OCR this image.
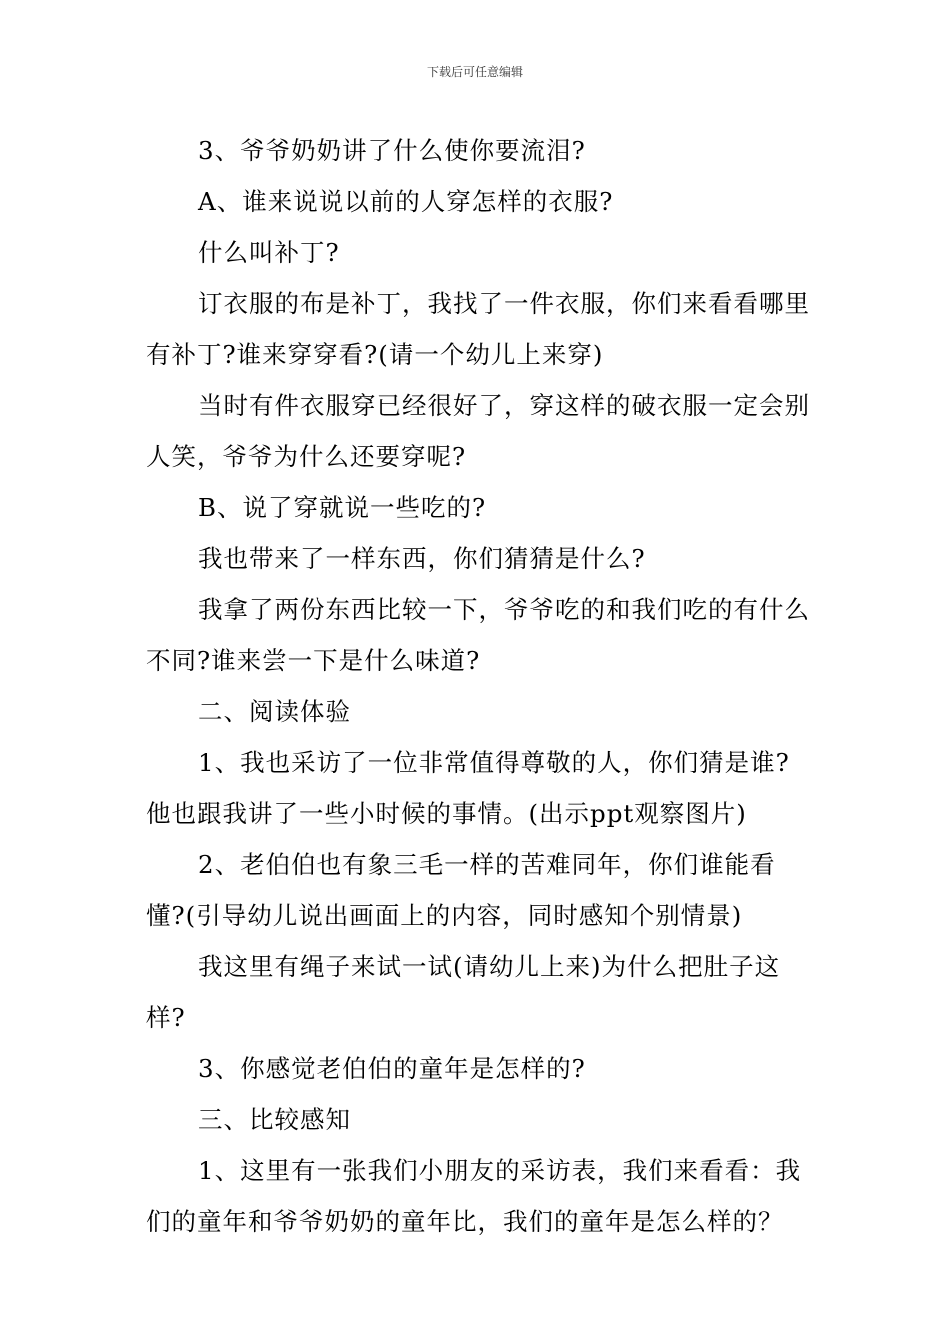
下载后可任意编辑

3、爷爷奶奶讲了什么使你要流泪?

A、谁来说说以前的人穿怎样的衣服?

什么叫补丁?

订衣服的布是补丁，我找了一件衣服，你们来看看哪里有补丁?谁来穿穿看?(请一个幼儿上来穿)

当时有件衣服穿已经很好了，穿这样的破衣服一定会别人笑，爷爷为什么还要穿呢?

B、说了穿就说一些吃的?

我也带来了一样东西，你们猜猜是什么?

我拿了两份东西比较一下，爷爷吃的和我们吃的有什么不同?谁来尝一下是什么味道?

二、阅读体验

1、我也采访了一位非常值得尊敬的人，你们猜是谁?他也跟我讲了一些小时候的事情。(出示ppt观察图片)

2、老伯伯也有象三毛一样的苦难同年，你们谁能看懂?(引导幼儿说出画面上的内容，同时感知个别情景)

我这里有绳子来试一试(请幼儿上来)为什么把肚子这样?

3、你感觉老伯伯的童年是怎样的?

三、比较感知

1、这里有一张我们小朋友的采访表，我们来看看：我们的童年和爷爷奶奶的童年比，我们的童年是怎么样的？
